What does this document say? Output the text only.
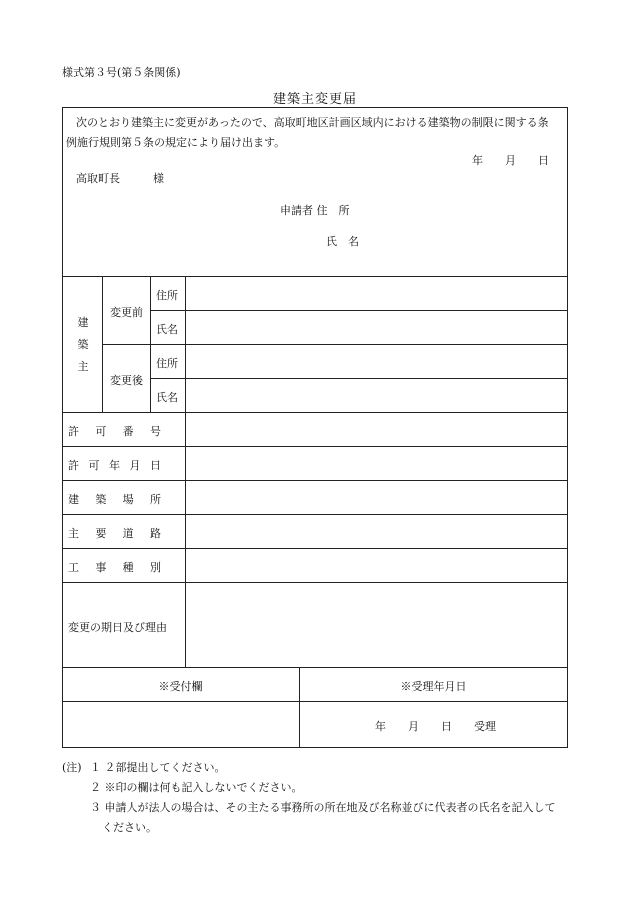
様式第３号(第５条関係)
建築主変更届
次のとおり建築主に変更があったので、高取町地区計画区域内における建築物の制限に関する条
例施行規則第５条の規定により届け出ます。
年　　月　　日
高取町長　　　様
申請者 住　所
氏　名
建
築
主
変更前
変更後
住所
氏名
住所
氏名
許 可 番 号
許 可 年 月 日
建 築 場 所
主 要 道 路
工 事 種 別
変更の期日及び理由
※受付欄	※受理年月日
年　　月　　日　　受理
(注) １ ２部提出してください。
２ ※印の欄は何も記入しないでください。
３ 申請人が法人の場合は、その主たる事務所の所在地及び名称並びに代表者の氏名を記入して
ください。
